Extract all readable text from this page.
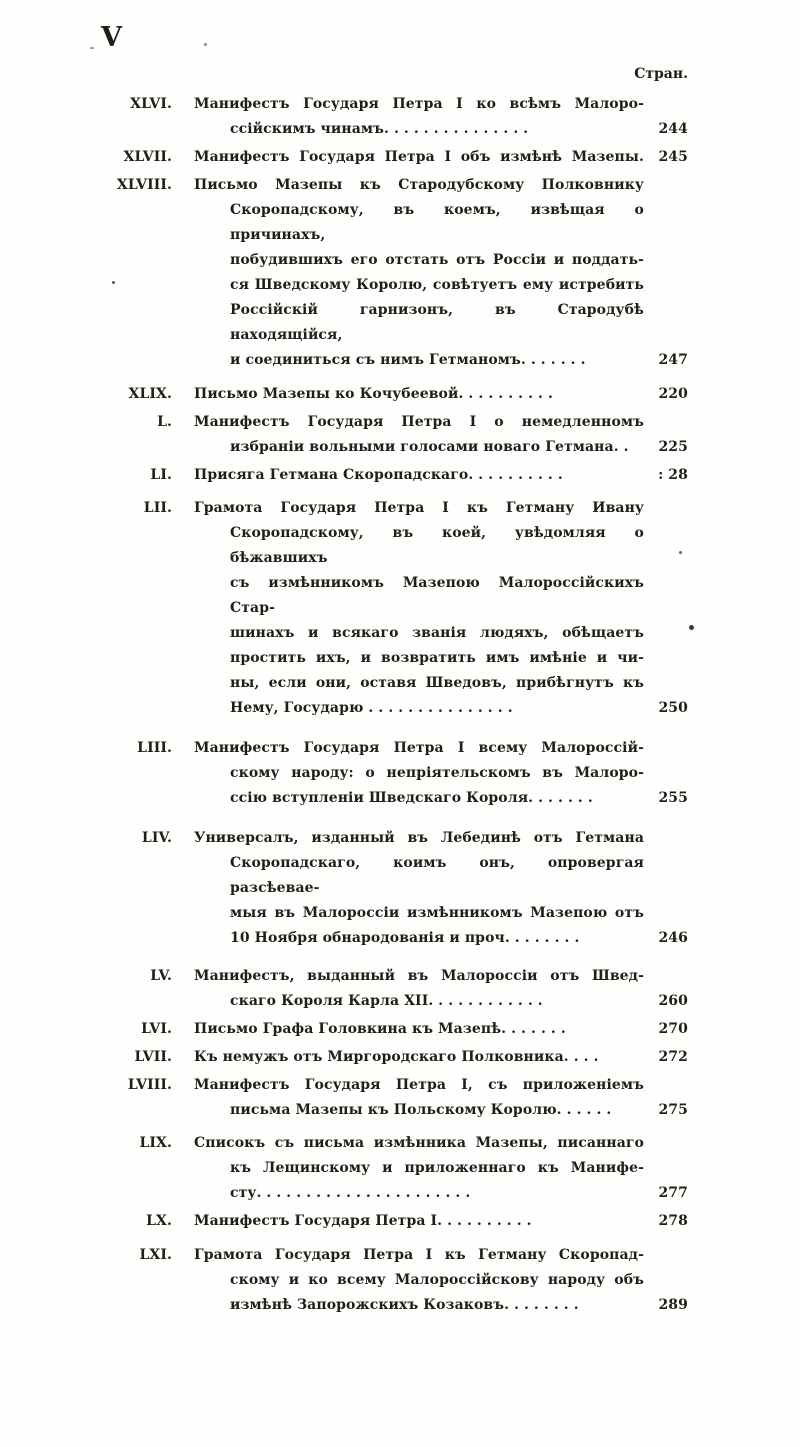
V
Стран.
XLVI. Манифестъ Государя Петра I ко всѣмъ Малоро-
ссійскимъ чинамъ. . . . . . . . . . . . . . .	244
XLVII. Манифестъ Государя Петра I объ измѣнѣ Мазепы.	245
XLVIII. Письмо Мазепы къ Стародубскому Полковнику
Скоропадскому, въ коемъ, извѣщая о причинахъ,
побудившихъ его отстать отъ Россіи и поддать-
ся Шведскому Королю, совѣтуетъ ему истребить
Россійскій гарнизонъ, въ Стародубѣ находящійся,
и соединиться съ нимъ Гетманомъ. . . . . . .	247
XLIX. Письмо Мазепы ко Кочубеевой. . . . . . . . . .	220
L. Манифестъ Государя Петра I о немедленномъ
избраніи вольными голосами новаго Гетмана. .	225
LI. Присяга Гетмана Скоропадскаго. . . . . . . . . .	: 28
LII. Грамота Государя Петра I къ Гетману Ивану
Скоропадскому, въ коей, увѣдомляя о бѣжавшихъ
съ измѣнникомъ Мазепою Малороссійскихъ Стар-
шинахъ и всякаго званія людяхъ, обѣщаетъ
простить ихъ, и возвратить имъ имѣніе и чи-
ны, если они, оставя Шведовъ, прибѣгнутъ къ
Нему, Государю . . . . . . . . . . . . . . .	250
LIII. Манифестъ Государя Петра I всему Малороссій-
скому народу: о непріятельскомъ въ Малоро-
ссію вступленіи Шведскаго Короля. . . . . . .	255
LIV. Универсалъ, изданный въ Лебединѣ отъ Гетмана
Скоропадскаго, коимъ онъ, опровергая разсѣевае-
мыя въ Малороссіи измѣнникомъ Мазепою отъ
10 Ноября обнародованія и проч. . . . . . . .	246
LV. Манифестъ, выданный въ Малороссіи отъ Швед-
скаго Короля Карла XII. . . . . . . . . . . .	260
LVI. Письмо Графа Головкина къ Мазепѣ. . . . . . .	270
LVII. Къ немужъ отъ Миргородскаго Полковника. . . .	272
LVIII. Манифестъ Государя Петра I, съ приложеніемъ
письма Мазепы къ Польскому Королю. . . . . .	275
LIX. Списокъ съ письма измѣнника Мазепы, писаннаго
къ Лещинскому и приложеннаго къ Манифе-
сту. . . . . . . . . . . . . . . . . . . . . .	277
LX. Манифестъ Государя Петра I. . . . . . . . . .	278
LXI. Грамота Государя Петра I къ Гетману Скоропад-
скому и ко всему Малороссійскову народу объ
измѣнѣ Запорожскихъ Козаковъ. . . . . . . .	289
